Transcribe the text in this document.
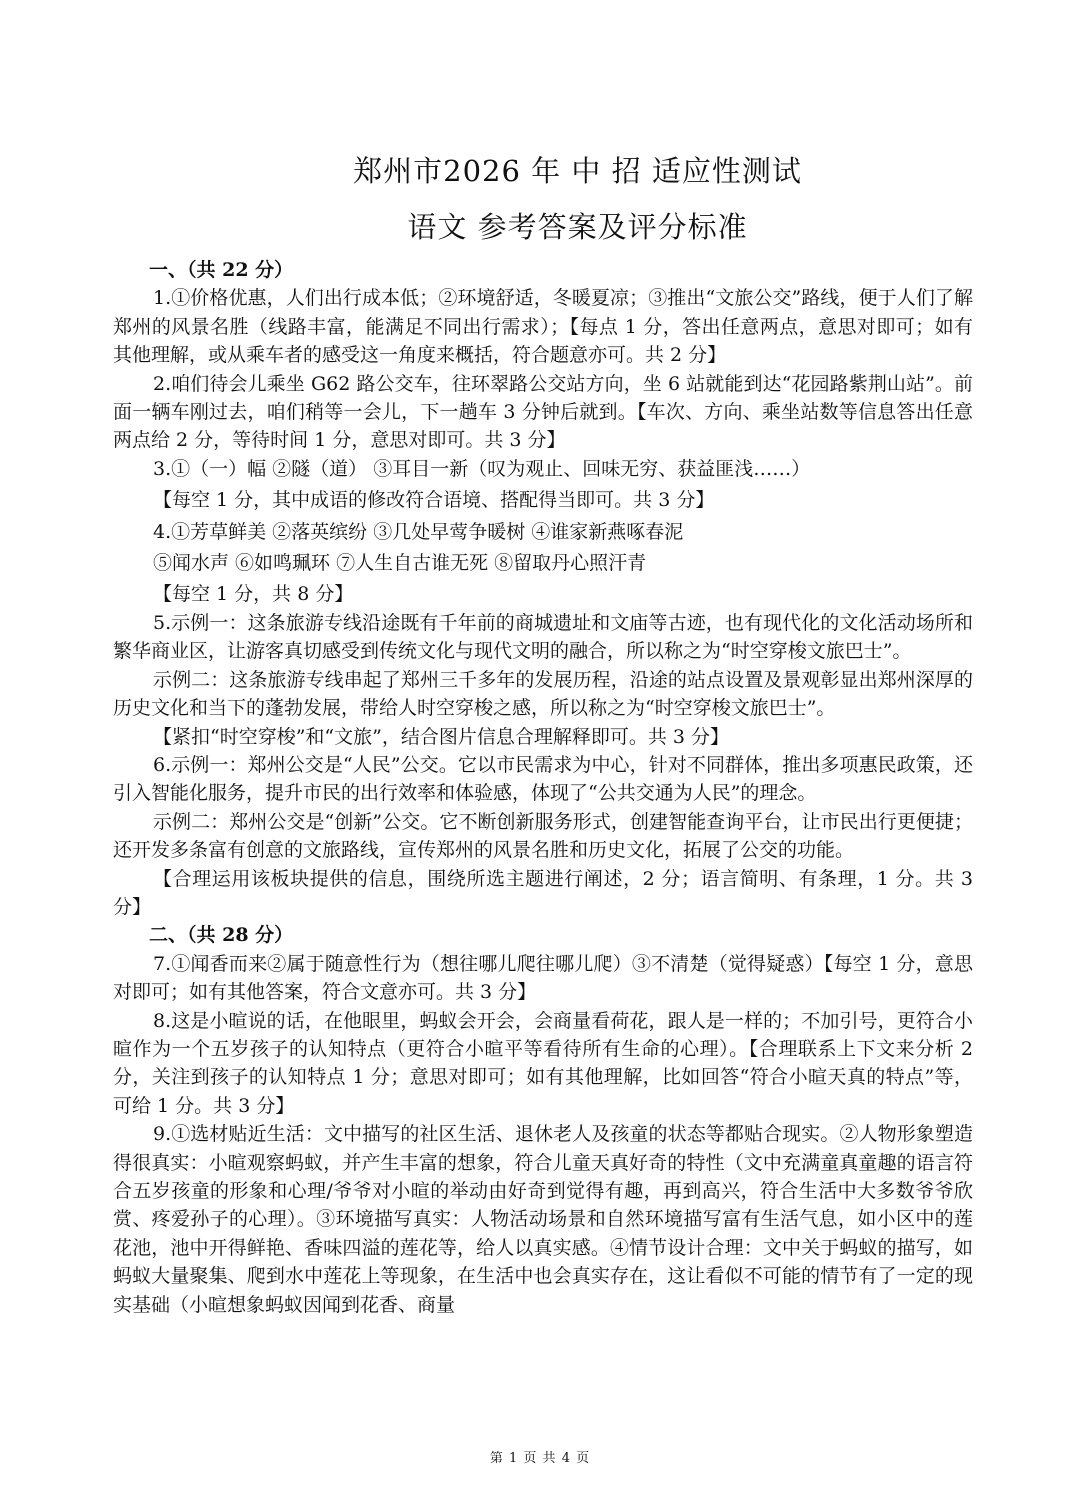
郑州市2026 年 中 招 适应性测试
语文 参考答案及评分标准

一、（共 22 分）

1.①价格优惠，人们出行成本低；②环境舒适，冬暖夏凉；③推出“文旅公交”路线，便于人们了解郑州的风景名胜（线路丰富，能满足不同出行需求）；【每点 1 分，答出任意两点，意思对即可；如有其他理解，或从乘车者的感受这一角度来概括，符合题意亦可。共 2 分】

2.咱们待会儿乘坐 G62 路公交车，往环翠路公交站方向，坐 6 站就能到达“花园路紫荆山站”。前面一辆车刚过去，咱们稍等一会儿，下一趟车 3 分钟后就到。【车次、方向、乘坐站数等信息答出任意两点给 2 分，等待时间 1 分，意思对即可。共 3 分】

3.①（一）幅 ②隧（道） ③耳目一新（叹为观止、回味无穷、获益匪浅……）

【每空 1 分，其中成语的修改符合语境、搭配得当即可。共 3 分】

4.①芳草鲜美 ②落英缤纷 ③几处早莺争暖树 ④谁家新燕啄春泥

⑤闻水声 ⑥如鸣珮环 ⑦人生自古谁无死 ⑧留取丹心照汗青

【每空 1 分，共 8 分】

5.示例一：这条旅游专线沿途既有千年前的商城遗址和文庙等古迹，也有现代化的文化活动场所和繁华商业区，让游客真切感受到传统文化与现代文明的融合，所以称之为“时空穿梭文旅巴士”。

示例二：这条旅游专线串起了郑州三千多年的发展历程，沿途的站点设置及景观彰显出郑州深厚的历史文化和当下的蓬勃发展，带给人时空穿梭之感，所以称之为“时空穿梭文旅巴士”。

【紧扣“时空穿梭”和“文旅”，结合图片信息合理解释即可。共 3 分】

6.示例一：郑州公交是“人民”公交。它以市民需求为中心，针对不同群体，推出多项惠民政策，还引入智能化服务，提升市民的出行效率和体验感，体现了“公共交通为人民”的理念。

示例二：郑州公交是“创新”公交。它不断创新服务形式，创建智能查询平台，让市民出行更便捷；还开发多条富有创意的文旅路线，宣传郑州的风景名胜和历史文化，拓展了公交的功能。

【合理运用该板块提供的信息，围绕所选主题进行阐述，2 分；语言简明、有条理，1 分。共 3 分】

二、（共 28 分）

7.①闻香而来②属于随意性行为（想往哪儿爬往哪儿爬）③不清楚（觉得疑惑）【每空 1 分，意思对即可；如有其他答案，符合文意亦可。共 3 分】

8.这是小暄说的话，在他眼里，蚂蚁会开会，会商量看荷花，跟人是一样的；不加引号，更符合小暄作为一个五岁孩子的认知特点（更符合小暄平等看待所有生命的心理）。【合理联系上下文来分析 2 分，关注到孩子的认知特点 1 分；意思对即可；如有其他理解，比如回答“符合小暄天真的特点”等，可给 1 分。共 3 分】

9.①选材贴近生活：文中描写的社区生活、退休老人及孩童的状态等都贴合现实。②人物形象塑造得很真实：小暄观察蚂蚁，并产生丰富的想象，符合儿童天真好奇的特性（文中充满童真童趣的语言符合五岁孩童的形象和心理/爷爷对小暄的举动由好奇到觉得有趣，再到高兴，符合生活中大多数爷爷欣赏、疼爱孙子的心理）。③环境描写真实：人物活动场景和自然环境描写富有生活气息，如小区中的莲花池，池中开得鲜艳、香味四溢的莲花等，给人以真实感。④情节设计合理：文中关于蚂蚁的描写，如蚂蚁大量聚集、爬到水中莲花上等现象，在生活中也会真实存在，这让看似不可能的情节有了一定的现实基础（小暄想象蚂蚁因闻到花香、商量

第 1 页 共 4 页
